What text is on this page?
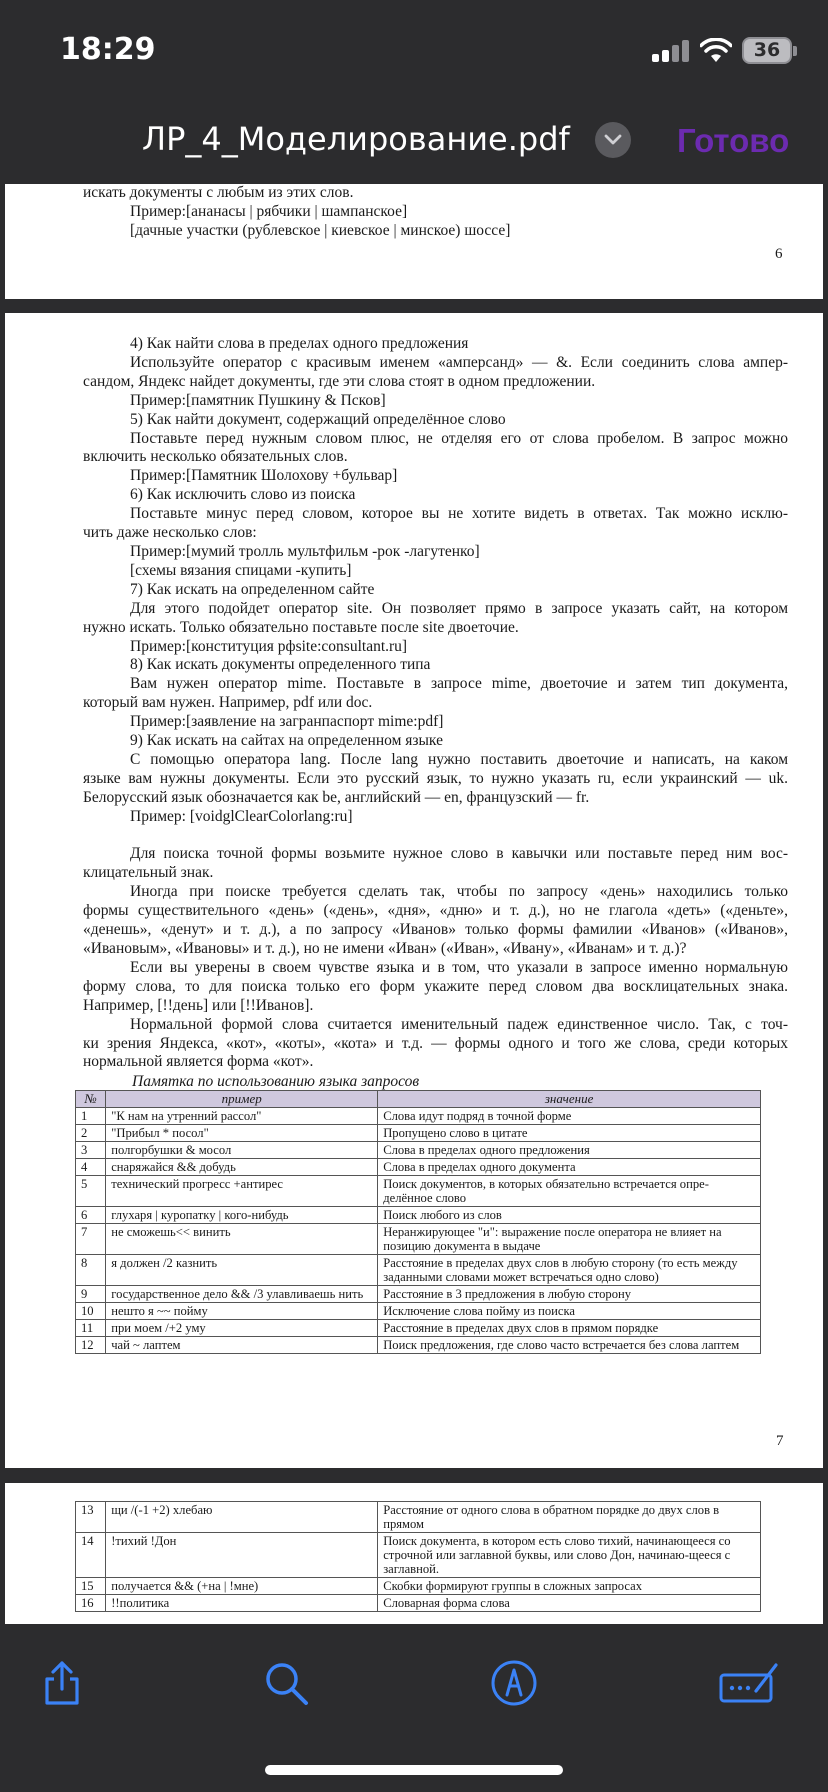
18:29	36
ЛР_4_Моделирование.pdf	Готово
искать документы с любым из этих слов.
Пример:[ананасы | рябчики | шампанское]
[дачные участки (рублевское | киевское | минское) шоссе]
6
4) Как найти слова в пределах одного предложения
Используйте оператор с красивым именем «амперсанд» — &. Если соединить слова ампер-
сандом, Яндекс найдет документы, где эти слова стоят в одном предложении.
Пример:[памятник Пушкину & Псков]
5) Как найти документ, содержащий определённое слово
Поставьте перед нужным словом плюс, не отделяя его от слова пробелом. В запрос можно
включить несколько обязательных слов.
Пример:[Памятник Шолохову +бульвар]
6) Как исключить слово из поиска
Поставьте минус перед словом, которое вы не хотите видеть в ответах. Так можно исклю-
чить даже несколько слов:
Пример:[мумий тролль мультфильм -рок -лагутенко]
[схемы вязания спицами -купить]
7) Как искать на определенном сайте
Для этого подойдет оператор site. Он позволяет прямо в запросе указать сайт, на котором
нужно искать. Только обязательно поставьте после site двоеточие.
Пример:[конституция pфsite:consultant.ru]
8) Как искать документы определенного типа
Вам нужен оператор mime. Поставьте в запросе mime, двоеточие и затем тип документа,
который вам нужен. Например, pdf или doc.
Пример:[заявление на загранпаспорт mime:pdf]
9) Как искать на сайтах на определенном языке
С помощью оператора lang. После lang нужно поставить двоеточие и написать, на каком
языке вам нужны документы. Если это русский язык, то нужно указать ru, если украинский — uk.
Белорусский язык обозначается как be, английский — en, французский — fr.
Пример: [voidglClearColorlang:ru]
Для поиска точной формы возьмите нужное слово в кавычки или поставьте перед ним вос-
клицательный знак.
Иногда при поиске требуется сделать так, чтобы по запросу «день» находились только
формы существительного «день» («день», «дня», «дню» и т. д.), но не глагола «деть» («деньте»,
«денешь», «денут» и т. д.), а по запросу «Иванов» только формы фамилии «Иванов» («Иванов»,
«Ивановым», «Ивановы» и т. д.), но не имени «Иван» («Иван», «Ивану», «Иванам» и т. д.)?
Если вы уверены в своем чувстве языка и в том, что указали в запросе именно нормальную
форму слова, то для поиска только его форм укажите перед словом два восклицательных знака.
Например, [!!день] или [!!Иванов].
Нормальной формой слова считается именительный падеж единственное число. Так, с точ-
ки зрения Яндекса, «кот», «коты», «кота» и т.д. — формы одного и того же слова, среди которых
нормальной является форма «кот».
Памятка по использованию языка запросов
№	пример	значение
1	"К нам на утренний рассол"	Слова идут подряд в точной форме
2	"Прибыл * посол"	Пропущено слово в цитате
3	полгорбушки & мосол	Слова в пределах одного предложения
4	снаряжайся && добудь	Слова в пределах одного документа
5	технический прогресс +антирес	Поиск документов, в которых обязательно встречается опре-делённое слово
6	глухаря | куропатку | кого-нибудь	Поиск любого из слов
7	не сможешь<< винить	Неранжирующее "и": выражение после оператора не влияет на позицию документа в выдаче
8	я должен /2 казнить	Расстояние в пределах двух слов в любую сторону (то есть между заданными словами может встречаться одно слово)
9	государственное дело && /3 улавливаешь нить	Расстояние в 3 предложения в любую сторону
10	нешто я ~~ пойму	Исключение слова пойму из поиска
11	при моем /+2 уму	Расстояние в пределах двух слов в прямом порядке
12	чай ~ лаптем	Поиск предложения, где слово часто встречается без слова лаптем
7
13	щи /(-1 +2) хлебаю	Расстояние от одного слова в обратном порядке до двух слов в прямом
14	!тихий !Дон	Поиск документа, в котором есть слово тихий, начинающееся со строчной или заглавной буквы, или слово Дон, начинаю-щееся с заглавной.
15	получается && (+на | !мне)	Скобки формируют группы в сложных запросах
16	!!политика	Словарная форма слова
